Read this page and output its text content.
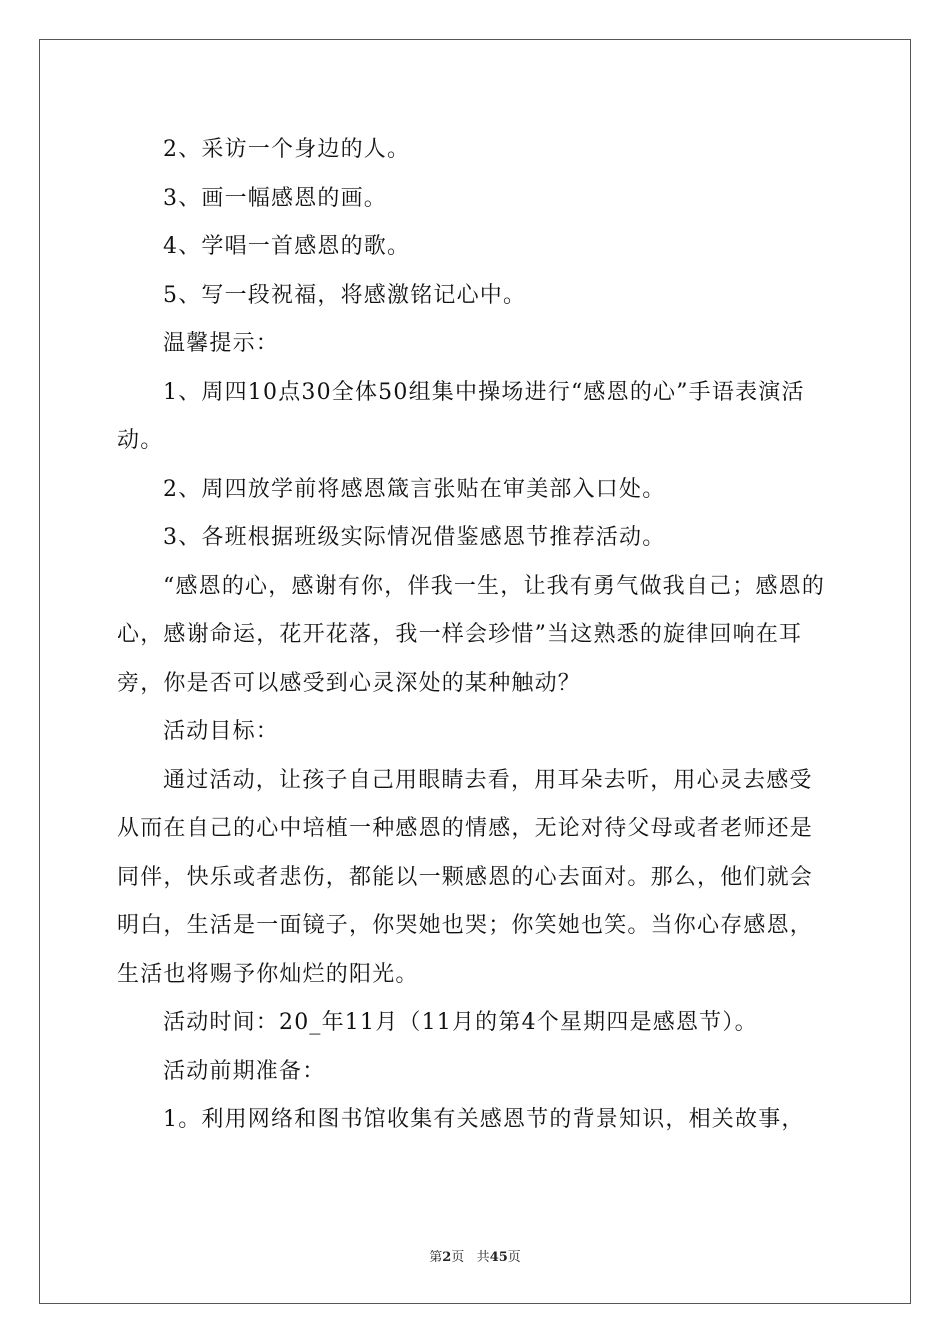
2、采访一个身边的人。

3、画一幅感恩的画。

4、学唱一首感恩的歌。

5、写一段祝福，将感激铭记心中。

温馨提示：

1、周四10点30全体50组集中操场进行“感恩的心”手语表演活动。

2、周四放学前将感恩箴言张贴在审美部入口处。

3、各班根据班级实际情况借鉴感恩节推荐活动。

“感恩的心，感谢有你，伴我一生，让我有勇气做我自己；感恩的心，感谢命运，花开花落，我一样会珍惜”当这熟悉的旋律回响在耳旁，你是否可以感受到心灵深处的某种触动？

活动目标：

通过活动，让孩子自己用眼睛去看，用耳朵去听，用心灵去感受从而在自己的心中培植一种感恩的情感，无论对待父母或者老师还是同伴，快乐或者悲伤，都能以一颗感恩的心去面对。那么，他们就会明白，生活是一面镜子，你哭她也哭；你笑她也笑。当你心存感恩，生活也将赐予你灿烂的阳光。

活动时间：20_年11月（11月的第4个星期四是感恩节）。

活动前期准备：

1。利用网络和图书馆收集有关感恩节的背景知识，相关故事，

第2页 共45页
